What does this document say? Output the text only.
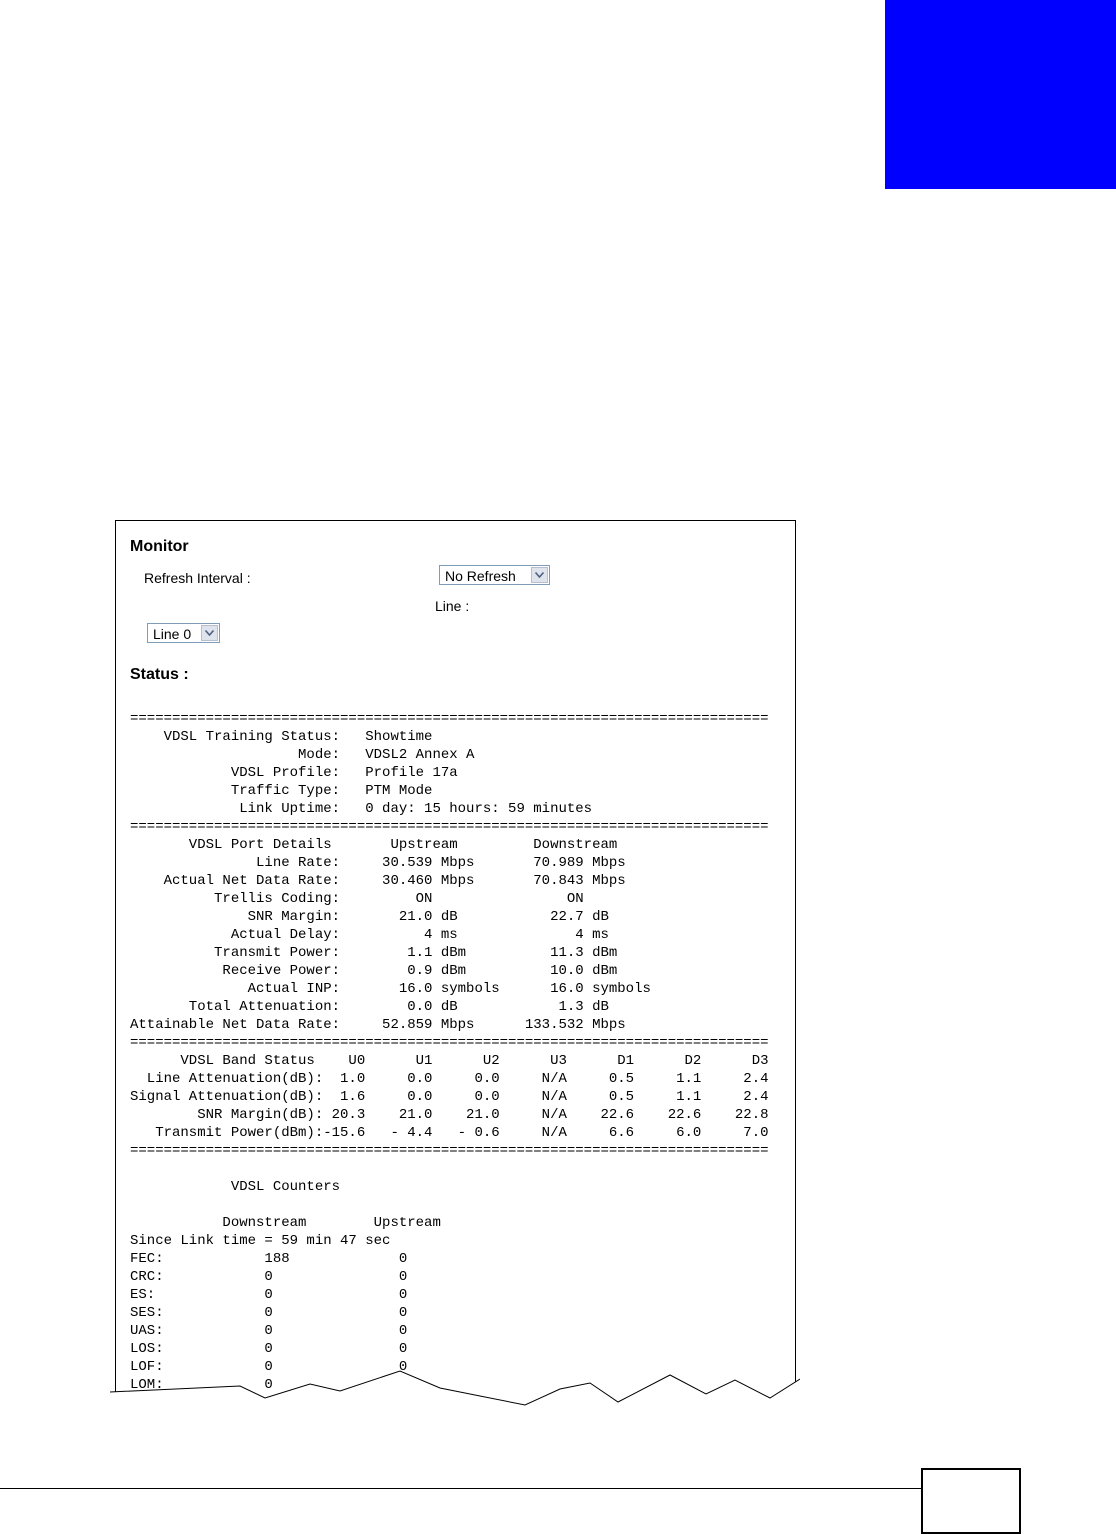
Monitor
Refresh Interval :	No Refresh
Line :
Line 0
Status :
============================================================================
VDSL Training Status:   Showtime
Mode:   VDSL2 Annex A
VDSL Profile:   Profile 17a
Traffic Type:   PTM Mode
Link Uptime:   0 day: 15 hours: 59 minutes
============================================================================
VDSL Port Details       Upstream         Downstream
Line Rate:     30.539 Mbps       70.989 Mbps
Actual Net Data Rate:     30.460 Mbps       70.843 Mbps
Trellis Coding:         ON                ON
SNR Margin:       21.0 dB           22.7 dB
Actual Delay:          4 ms              4 ms
Transmit Power:        1.1 dBm          11.3 dBm
Receive Power:        0.9 dBm          10.0 dBm
Actual INP:       16.0 symbols      16.0 symbols
Total Attenuation:        0.0 dB            1.3 dB
Attainable Net Data Rate:     52.859 Mbps      133.532 Mbps
============================================================================
VDSL Band Status    U0      U1      U2      U3      D1      D2      D3
Line Attenuation(dB):  1.0     0.0     0.0     N/A     0.5     1.1     2.4
Signal Attenuation(dB):  1.6     0.0     0.0     N/A     0.5     1.1     2.4
SNR Margin(dB): 20.3    21.0    21.0     N/A    22.6    22.6    22.8
Transmit Power(dBm):-15.6   - 4.4   - 0.6     N/A     6.6     6.0     7.0
============================================================================

VDSL Counters

Downstream        Upstream
Since Link time = 59 min 47 sec
FEC:            188             0
CRC:            0               0
ES:             0               0
SES:            0               0
UAS:            0               0
LOS:            0               0
LOF:            0               0
LOM:            0
